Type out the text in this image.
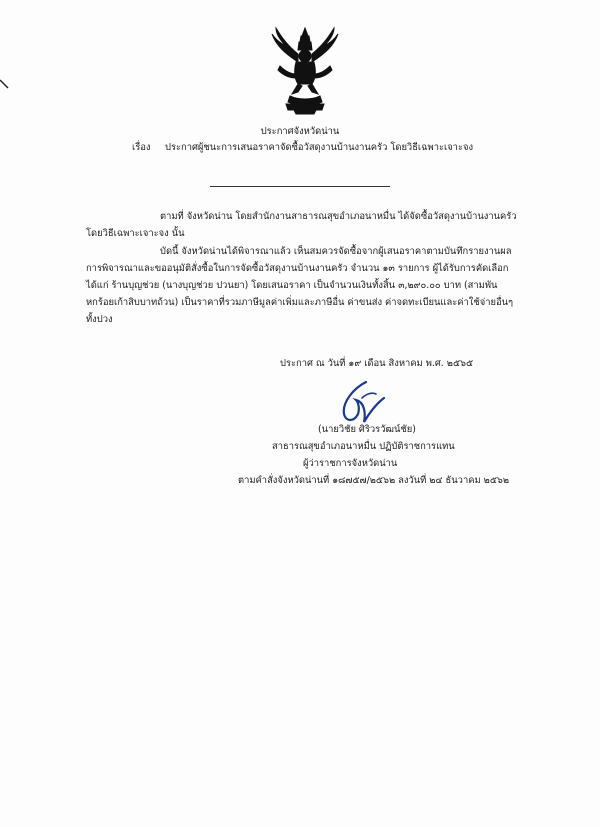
ประกาศจังหวัดน่าน
เรื่อง ประกาศผู้ชนะการเสนอราคาจัดซื้อวัสดุงานบ้านงานครัว โดยวิธีเฉพาะเจาะจง
ตามที่ จังหวัดน่าน โดยสำนักงานสาธารณสุขอำเภอนาหมื่น ได้จัดซื้อวัสดุงานบ้านงานครัว
โดยวิธีเฉพาะเจาะจง นั้น
บัดนี้ จังหวัดน่านได้พิจารณาแล้ว เห็นสมควรจัดซื้อจากผู้เสนอราคาตามบันทึกรายงานผล
การพิจารณาและขออนุมัติสั่งซื้อในการจัดซื้อวัสดุงานบ้านงานครัว จำนวน ๑๓ รายการ ผู้ได้รับการคัดเลือก
ได้แก่ ร้านบุญช่วย (นางบุญช่วย ปวนยา) โดยเสนอราคา เป็นจำนวนเงินทั้งสิ้น ๓,๒๙๐.๐๐ บาท (สามพัน
หกร้อยเก้าสิบบาทถ้วน) เป็นราคาที่รวมภาษีมูลค่าเพิ่มและภาษีอื่น ค่าขนส่ง ค่าจดทะเบียนและค่าใช้จ่ายอื่นๆ
ทั้งปวง
ประกาศ ณ วันที่ ๑๙ เดือน สิงหาคม พ.ศ. ๒๕๖๕
(นายวิชัย ศิริวรวัฒน์ชัย)
สาธารณสุขอำเภอนาหมื่น ปฏิบัติราชการแทน
ผู้ว่าราชการจังหวัดน่าน
ตามคำสั่งจังหวัดน่านที่ ๑๘๗๕๗/๒๕๖๒ ลงวันที่ ๒๔ ธันวาคม ๒๕๖๒
